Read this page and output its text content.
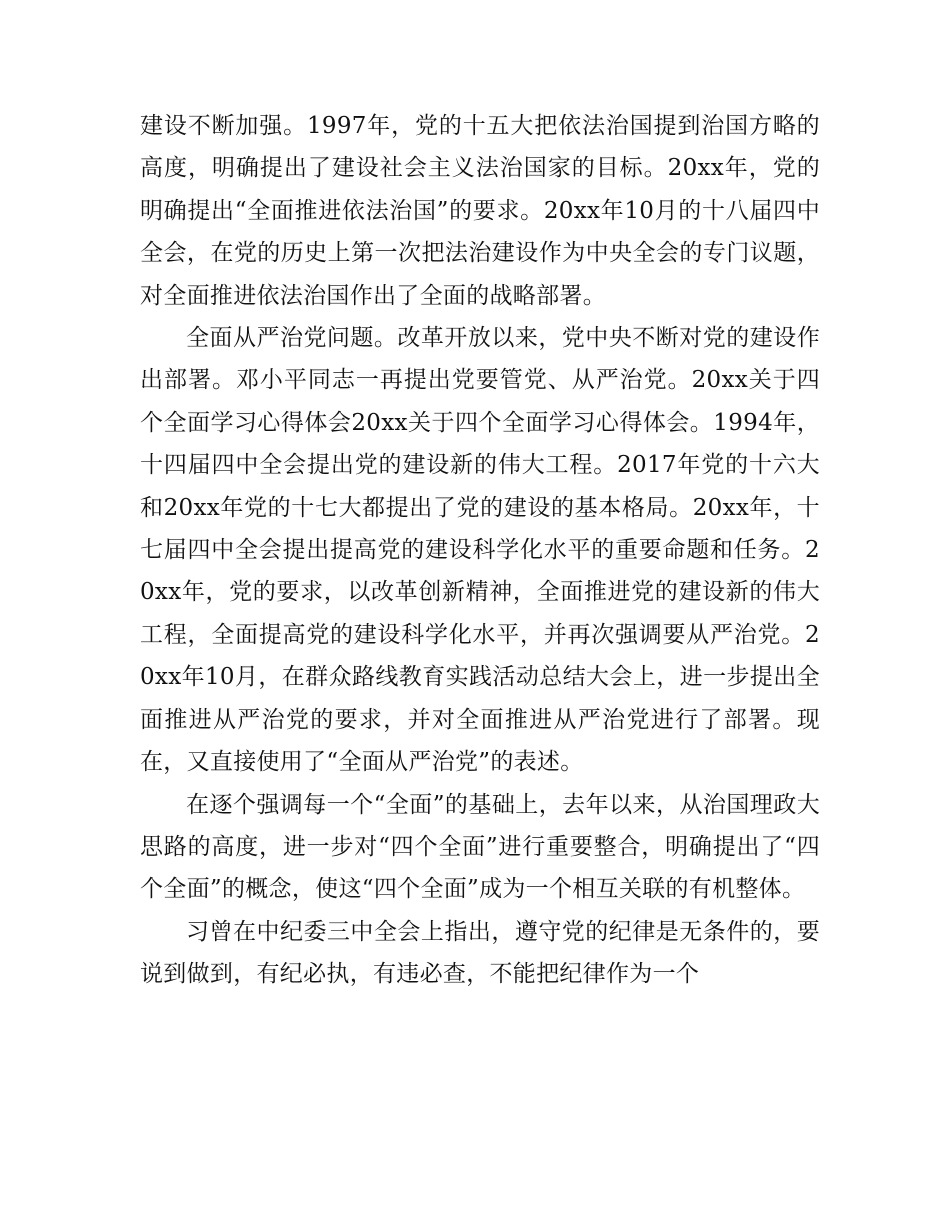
建设不断加强。1997年，党的十五大把依法治国提到治国方略的高度，明确提出了建设社会主义法治国家的目标。20xx年，党的明确提出“全面推进依法治国”的要求。20xx年10月的十八届四中全会，在党的历史上第一次把法治建设作为中央全会的专门议题，对全面推进依法治国作出了全面的战略部署。

全面从严治党问题。改革开放以来，党中央不断对党的建设作出部署。邓小平同志一再提出党要管党、从严治党。20xx关于四个全面学习心得体会20xx关于四个全面学习心得体会。1994年，十四届四中全会提出党的建设新的伟大工程。2017年党的十六大和20xx年党的十七大都提出了党的建设的基本格局。20xx年，十七届四中全会提出提高党的建设科学化水平的重要命题和任务。20xx年，党的要求，以改革创新精神，全面推进党的建设新的伟大工程，全面提高党的建设科学化水平，并再次强调要从严治党。20xx年10月，在群众路线教育实践活动总结大会上，进一步提出全面推进从严治党的要求，并对全面推进从严治党进行了部署。现在，又直接使用了“全面从严治党”的表述。

在逐个强调每一个“全面”的基础上，去年以来，从治国理政大思路的高度，进一步对“四个全面”进行重要整合，明确提出了“四个全面”的概念，使这“四个全面”成为一个相互关联的有机整体。

习曾在中纪委三中全会上指出，遵守党的纪律是无条件的，要说到做到，有纪必执，有违必查，不能把纪律作为一个
